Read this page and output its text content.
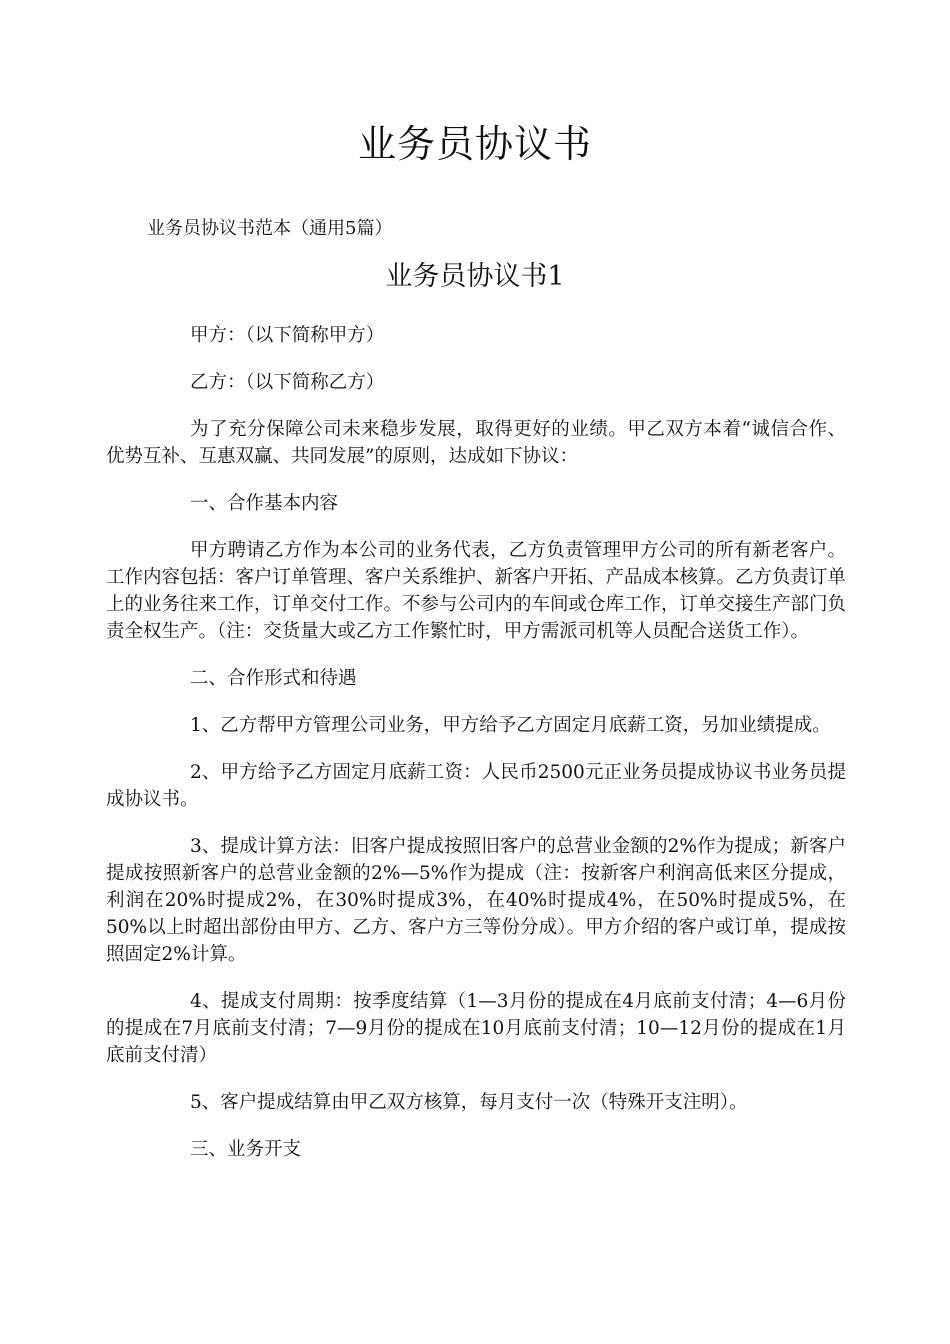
业务员协议书
业务员协议书范本（通用5篇）
业务员协议书1

甲方：（以下简称甲方）

乙方：（以下简称乙方）

为了充分保障公司未来稳步发展，取得更好的业绩。甲乙双方本着“诚信合作、优势互补、互惠双赢、共同发展”的原则，达成如下协议：

一、合作基本内容

甲方聘请乙方作为本公司的业务代表，乙方负责管理甲方公司的所有新老客户。工作内容包括：客户订单管理、客户关系维护、新客户开拓、产品成本核算。乙方负责订单上的业务往来工作，订单交付工作。不参与公司内的车间或仓库工作，订单交接生产部门负责全权生产。（注：交货量大或乙方工作繁忙时，甲方需派司机等人员配合送货工作）。

二、合作形式和待遇

1、乙方帮甲方管理公司业务，甲方给予乙方固定月底薪工资，另加业绩提成。

2、甲方给予乙方固定月底薪工资：人民币2500元正业务员提成协议书业务员提成协议书。

3、提成计算方法：旧客户提成按照旧客户的总营业金额的2%作为提成；新客户提成按照新客户的总营业金额的2%—5%作为提成（注：按新客户利润高低来区分提成，利润在20%时提成2%，在30%时提成3%，在40%时提成4%，在50%时提成5%，在50%以上时超出部份由甲方、乙方、客户方三等份分成）。甲方介绍的客户或订单，提成按照固定2%计算。

4、提成支付周期：按季度结算（1—3月份的提成在4月底前支付清；4—6月份的提成在7月底前支付清；7—9月份的提成在10月底前支付清；10—12月份的提成在1月底前支付清）

5、客户提成结算由甲乙双方核算，每月支付一次（特殊开支注明）。

三、业务开支
